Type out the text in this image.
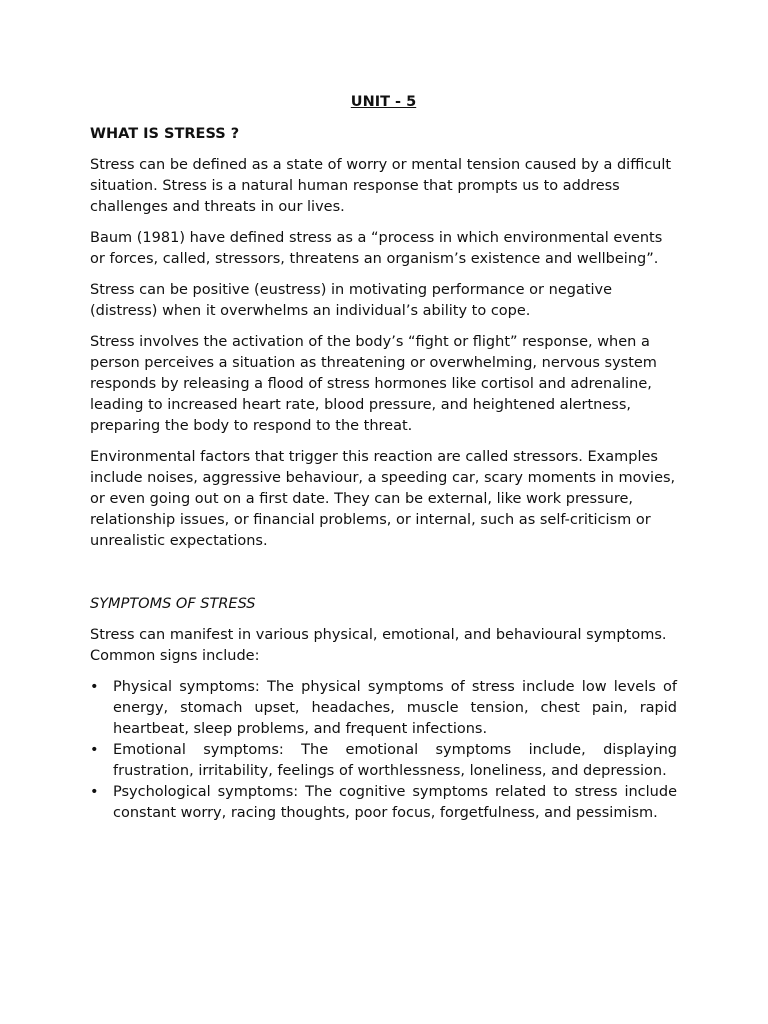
UNIT - 5
WHAT IS STRESS ?

Stress can be defined as a state of worry or mental tension caused by a difficult situation. Stress is a natural human response that prompts us to address challenges and threats in our lives.

Baum (1981) have defined stress as a “process in which environmental events or forces, called, stressors, threatens an organism’s existence and wellbeing”.

Stress can be positive (eustress) in motivating performance or negative (distress) when it overwhelms an individual’s ability to cope.

Stress involves the activation of the body’s “fight or flight” response, when a person perceives a situation as threatening or overwhelming, nervous system responds by releasing a flood of stress hormones like cortisol and adrenaline, leading to increased heart rate, blood pressure, and heightened alertness, preparing the body to respond to the threat.

Environmental factors that trigger this reaction are called stressors. Examples include noises, aggressive behaviour, a speeding car, scary moments in movies, or even going out on a first date. They can be external, like work pressure, relationship issues, or financial problems, or internal, such as self-criticism or unrealistic expectations.

SYMPTOMS OF STRESS

Stress can manifest in various physical, emotional, and behavioural symptoms. Common signs include:

• Physical symptoms: The physical symptoms of stress include low levels of energy, stomach upset, headaches, muscle tension, chest pain, rapid heartbeat, sleep problems, and frequent infections.
• Emotional symptoms: The emotional symptoms include, displaying frustration, irritability, feelings of worthlessness, loneliness, and depression.
• Psychological symptoms: The cognitive symptoms related to stress include constant worry, racing thoughts, poor focus, forgetfulness, and pessimism.
